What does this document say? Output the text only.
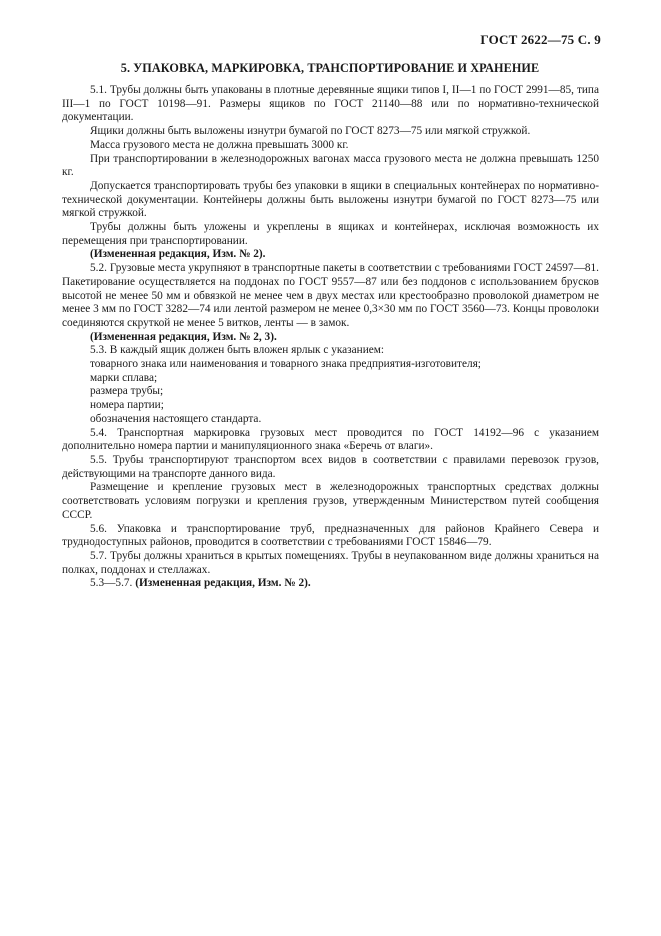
ГОСТ 2622—75 С. 9
5. УПАКОВКА, МАРКИРОВКА, ТРАНСПОРТИРОВАНИЕ И ХРАНЕНИЕ

5.1. Трубы должны быть упакованы в плотные деревянные ящики типов I, II—1 по ГОСТ 2991—85, типа III—1 по ГОСТ 10198—91. Размеры ящиков по ГОСТ 21140—88 или по нормативно-технической документации.

Ящики должны быть выложены изнутри бумагой по ГОСТ 8273—75 или мягкой стружкой.

Масса грузового места не должна превышать 3000 кг.

При транспортировании в железнодорожных вагонах масса грузового места не должна превышать 1250 кг.

Допускается транспортировать трубы без упаковки в ящики в специальных контейнерах по нормативно-технической документации. Контейнеры должны быть выложены изнутри бумагой по ГОСТ 8273—75 или мягкой стружкой.

Трубы должны быть уложены и укреплены в ящиках и контейнерах, исключая возможность их перемещения при транспортировании.

(Измененная редакция, Изм. № 2).

5.2. Грузовые места укрупняют в транспортные пакеты в соответствии с требованиями ГОСТ 24597—81. Пакетирование осуществляется на поддонах по ГОСТ 9557—87 или без поддонов с использованием брусков высотой не менее 50 мм и обвязкой не менее чем в двух местах или крестообразно проволокой диаметром не менее 3 мм по ГОСТ 3282—74 или лентой размером не менее 0,3×30 мм по ГОСТ 3560—73. Концы проволоки соединяются скруткой не менее 5 витков, ленты — в замок.

(Измененная редакция, Изм. № 2, 3).

5.3. В каждый ящик должен быть вложен ярлык с указанием:

товарного знака или наименования и товарного знака предприятия-изготовителя;

марки сплава;

размера трубы;

номера партии;

обозначения настоящего стандарта.

5.4. Транспортная маркировка грузовых мест проводится по ГОСТ 14192—96 с указанием дополнительно номера партии и манипуляционного знака «Беречь от влаги».

5.5. Трубы транспортируют транспортом всех видов в соответствии с правилами перевозок грузов, действующими на транспорте данного вида.

Размещение и крепление грузовых мест в железнодорожных транспортных средствах должны соответствовать условиям погрузки и крепления грузов, утвержденным Министерством путей сообщения СССР.

5.6. Упаковка и транспортирование труб, предназначенных для районов Крайнего Севера и труднодоступных районов, проводится в соответствии с требованиями ГОСТ 15846—79.

5.7. Трубы должны храниться в крытых помещениях. Трубы в неупакованном виде должны храниться на полках, поддонах и стеллажах.

5.3—5.7. (Измененная редакция, Изм. № 2).
